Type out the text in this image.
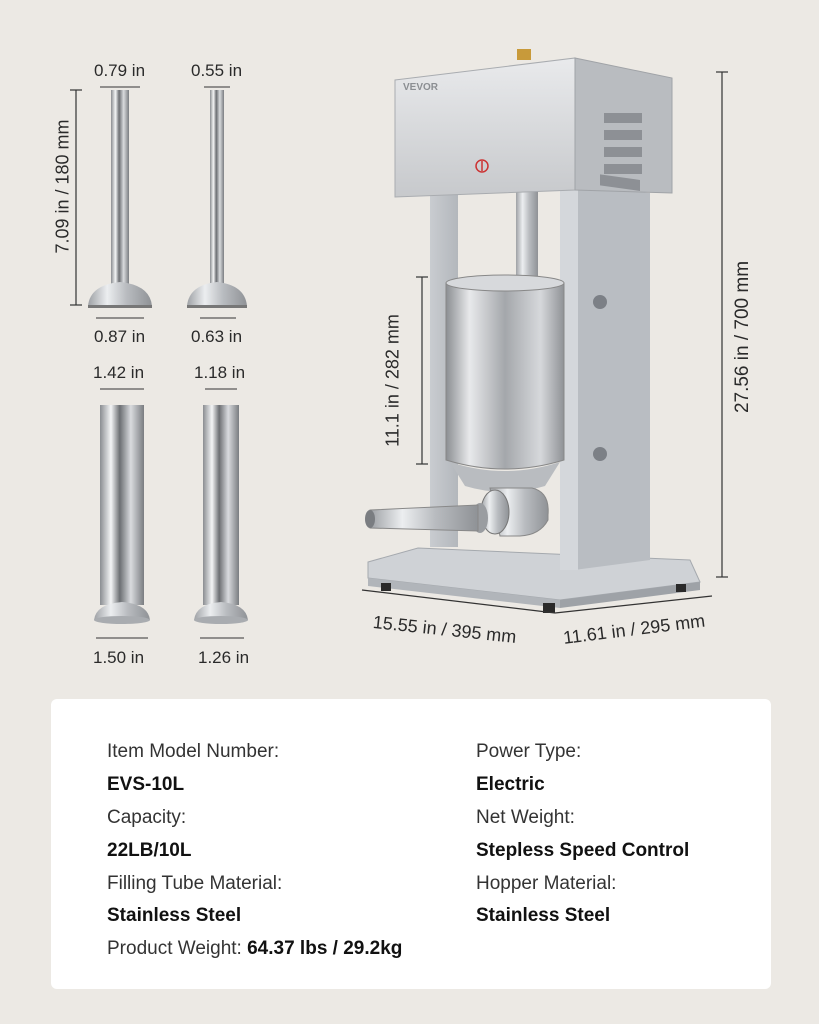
0.79 in
0.87 in
0.55 in
0.63 in
1.42 in
1.50 in
1.18 in
1.26 in
7.09 in / 180 mm
VEVOR
27.56 in / 700 mm
11.1 in / 282 mm
15.55 in / 395 mm 11.61 in / 295 mm
Item Model Number:
EVS-10L
Capacity:
22LB/10L
Filling Tube Material:
Stainless Steel
Power Type:
Electric
Net Weight:
Stepless Speed Control
Hopper Material:
Stainless Steel
Product Weight: 64.37 lbs / 29.2kg
